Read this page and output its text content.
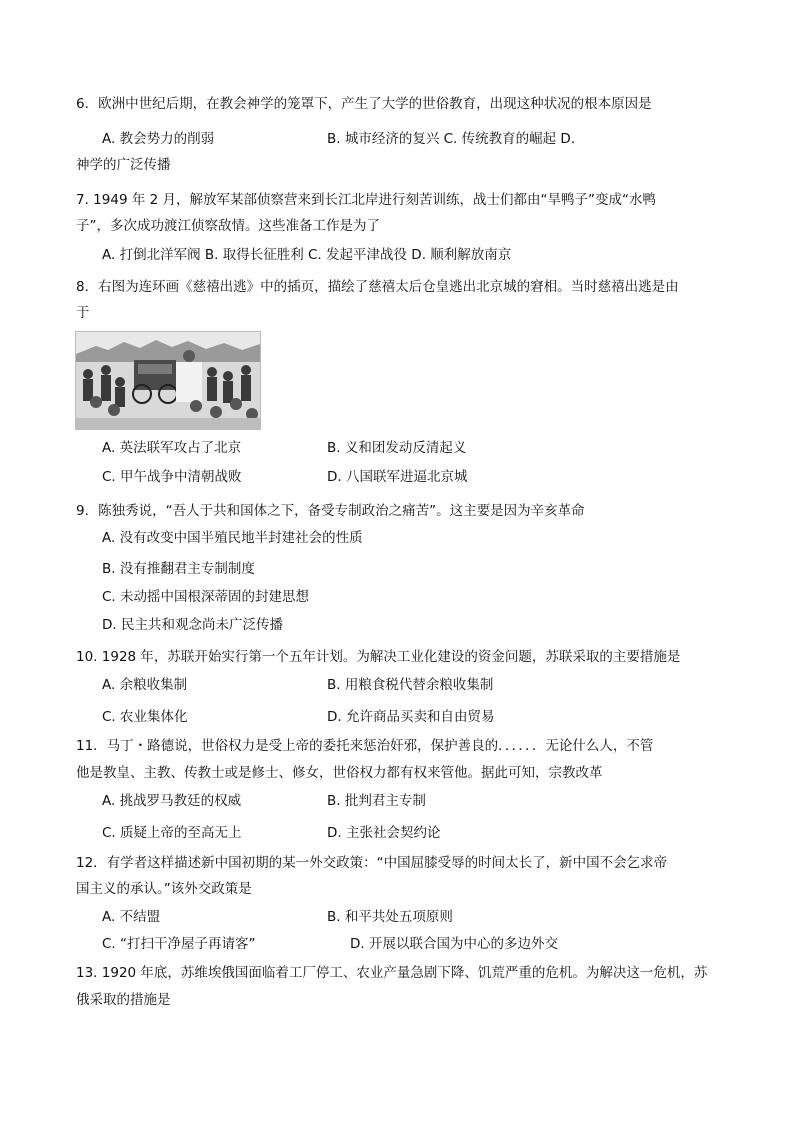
6．欧洲中世纪后期，在教会神学的笼罩下，产生了大学的世俗教育，出现这种状况的根本原因是
A. 教会势力的削弱	B. 城市经济的复兴 C. 传统教育的崛起 D.
神学的广泛传播
7. 1949 年 2 月，解放军某部侦察营来到长江北岸进行刻苦训练，战士们都由“旱鸭子”变成“水鸭
子”，多次成功渡江侦察敌情。这些准备工作是为了
A. 打倒北洋军阀 B. 取得长征胜利 C. 发起平津战役 D. 顺利解放南京
8．右图为连环画《慈禧出逃》中的插页，描绘了慈禧太后仓皇逃出北京城的窘相。当时慈禧出逃是由
于
A. 英法联军攻占了北京	B. 义和团发动反清起义
C. 甲午战争中清朝战败	D. 八国联军进逼北京城
9．陈独秀说，“吾人于共和国体之下，备受专制政治之痛苦”。这主要是因为辛亥革命
A. 没有改变中国半殖民地半封建社会的性质
B. 没有推翻君主专制制度
C. 未动摇中国根深蒂固的封建思想
D. 民主共和观念尚未广泛传播
10. 1928 年，苏联开始实行第一个五年计划。为解决工业化建设的资金问题，苏联采取的主要措施是
A. 余粮收集制	B. 用粮食税代替余粮收集制
C. 农业集体化	D. 允许商品买卖和自由贸易
11．马丁・路德说，世俗权力是受上帝的委托来惩治奸邪，保护善良的．．．．．．无论什么人，不管
他是教皇、主教、传教士或是修士、修女，世俗权力都有权来管他。据此可知，宗教改革
A. 挑战罗马教廷的权威	B. 批判君主专制
C. 质疑上帝的至高无上	D. 主张社会契约论
12．有学者这样描述新中国初期的某一外交政策：“中国屈膝受辱的时间太长了，新中国不会乞求帝
国主义的承认。”该外交政策是
A. 不结盟	B. 和平共处五项原则
C. “打扫干净屋子再请客”	D. 开展以联合国为中心的多边外交
13. 1920 年底，苏维埃俄国面临着工厂停工、农业产量急剧下降、饥荒严重的危机。为解决这一危机，苏
俄采取的措施是
